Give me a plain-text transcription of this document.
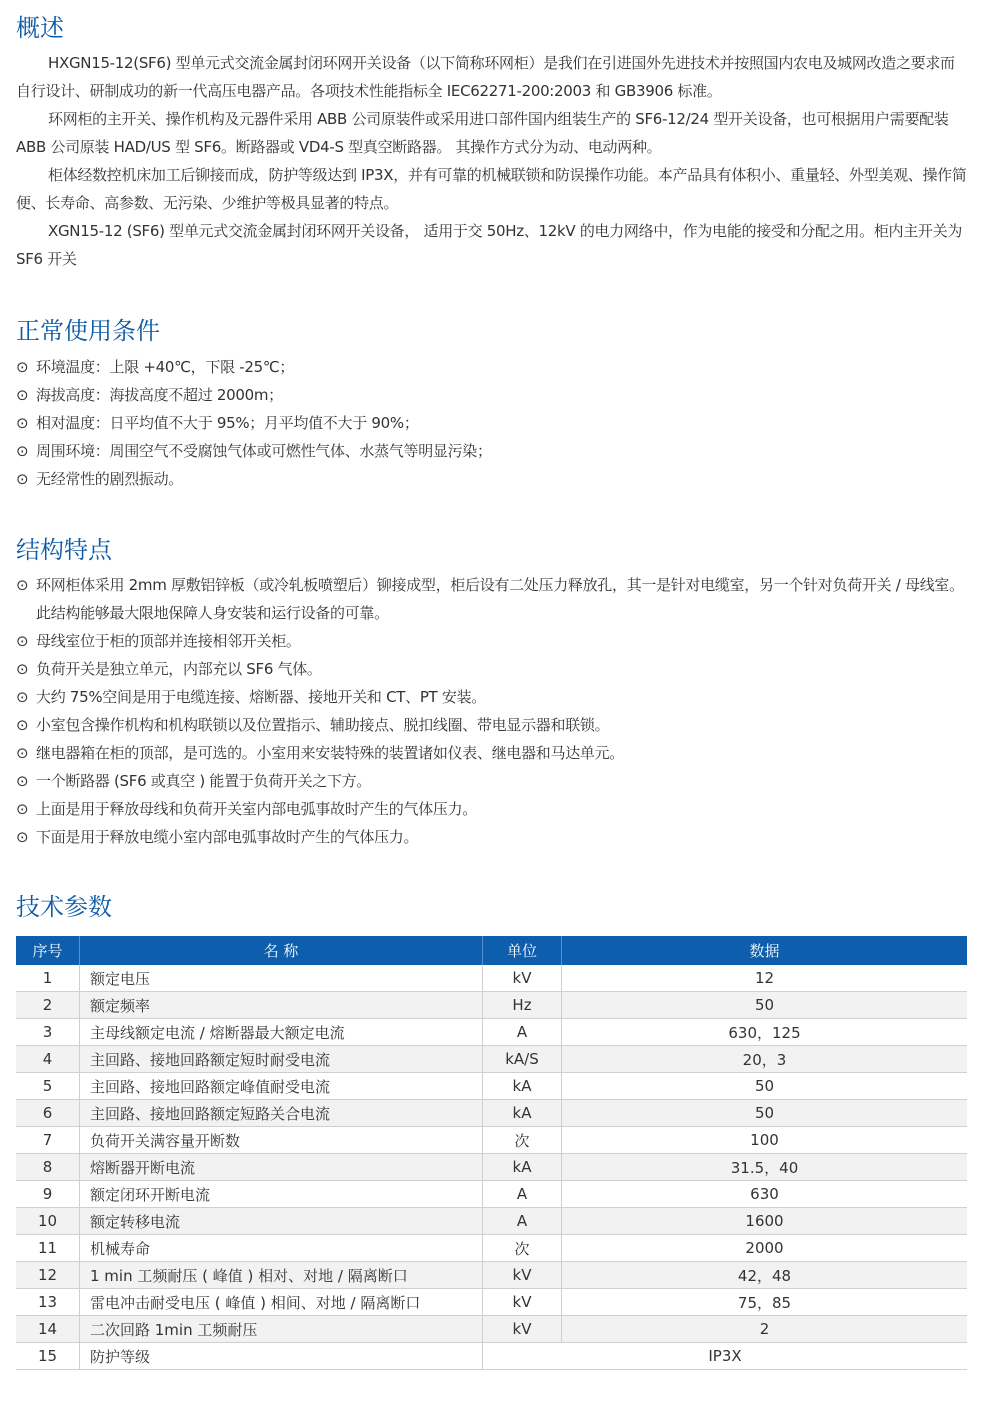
概述

HXGN15-12(SF6) 型单元式交流金属封闭环网开关设备（以下简称环网柜）是我们在引进国外先进技术并按照国内农电及城网改造之要求而自行设计、研制成功的新一代高压电器产品。各项技术性能指标全 IEC62271-200:2003 和 GB3906 标准。

环网柜的主开关、操作机构及元器件采用 ABB 公司原装件或采用进口部件国内组装生产的 SF6-12/24 型开关设备，也可根据用户需要配装 ABB 公司原装 HAD/US 型 SF6。断路器或 VD4-S 型真空断路器。 其操作方式分为动、电动两种。

柜体经数控机床加工后铆接而成，防护等级达到 IP3X，并有可靠的机械联锁和防误操作功能。本产品具有体积小、重量轻、外型美观、操作简便、长寿命、高参数、无污染、少维护等极具显著的特点。

XGN15-12 (SF6) 型单元式交流金属封闭环网开关设备， 适用于交 50Hz、12kV 的电力网络中，作为电能的接受和分配之用。柜内主开关为 SF6 开关

正常使用条件
⊙ 环境温度：上限 +40℃，下限 -25℃；
⊙ 海拔高度：海拔高度不超过 2000m；
⊙ 相对温度：日平均值不大于 95%；月平均值不大于 90%；
⊙ 周围环境：周围空气不受腐蚀气体或可燃性气体、水蒸气等明显污染；
⊙ 无经常性的剧烈振动。
结构特点
⊙ 环网柜体采用 2mm 厚敷铝锌板（或冷轧板喷塑后）铆接成型，柜后设有二处压力释放孔，其一是针对电缆室，另一个针对负荷开关 / 母线室。此结构能够最大限地保障人身安装和运行设备的可靠。
⊙ 母线室位于柜的顶部并连接相邻开关柜。
⊙ 负荷开关是独立单元，内部充以 SF6 气体。
⊙ 大约 75%空间是用于电缆连接、熔断器、接地开关和 CT、PT 安装。
⊙ 小室包含操作机构和机构联锁以及位置指示、辅助接点、脱扣线圈、带电显示器和联锁。
⊙ 继电器箱在柜的顶部，是可选的。小室用来安装特殊的装置诸如仪表、继电器和马达单元。
⊙ 一个断路器 (SF6 或真空 ) 能置于负荷开关之下方。
⊙ 上面是用于释放母线和负荷开关室内部电弧事故时产生的气体压力。
⊙ 下面是用于释放电缆小室内部电弧事故时产生的气体压力。
技术参数
序号	名 称	单位	数据
1	额定电压	kV	12
2	额定频率	Hz	50
3	主母线额定电流 / 熔断器最大额定电流	A	630，125
4	主回路、接地回路额定短时耐受电流	kA/S	20，3
5	主回路、接地回路额定峰值耐受电流	kA	50
6	主回路、接地回路额定短路关合电流	kA	50
7	负荷开关满容量开断数	次	100
8	熔断器开断电流	kA	31.5，40
9	额定闭环开断电流	A	630
10	额定转移电流	A	1600
11	机械寿命	次	2000
12	1 min 工频耐压 ( 峰值 ) 相对、对地 / 隔离断口	kV	42，48
13	雷电冲击耐受电压 ( 峰值 ) 相间、对地 / 隔离断口	kV	75，85
14	二次回路 1min 工频耐压	kV	2
15	防护等级	IP3X	
